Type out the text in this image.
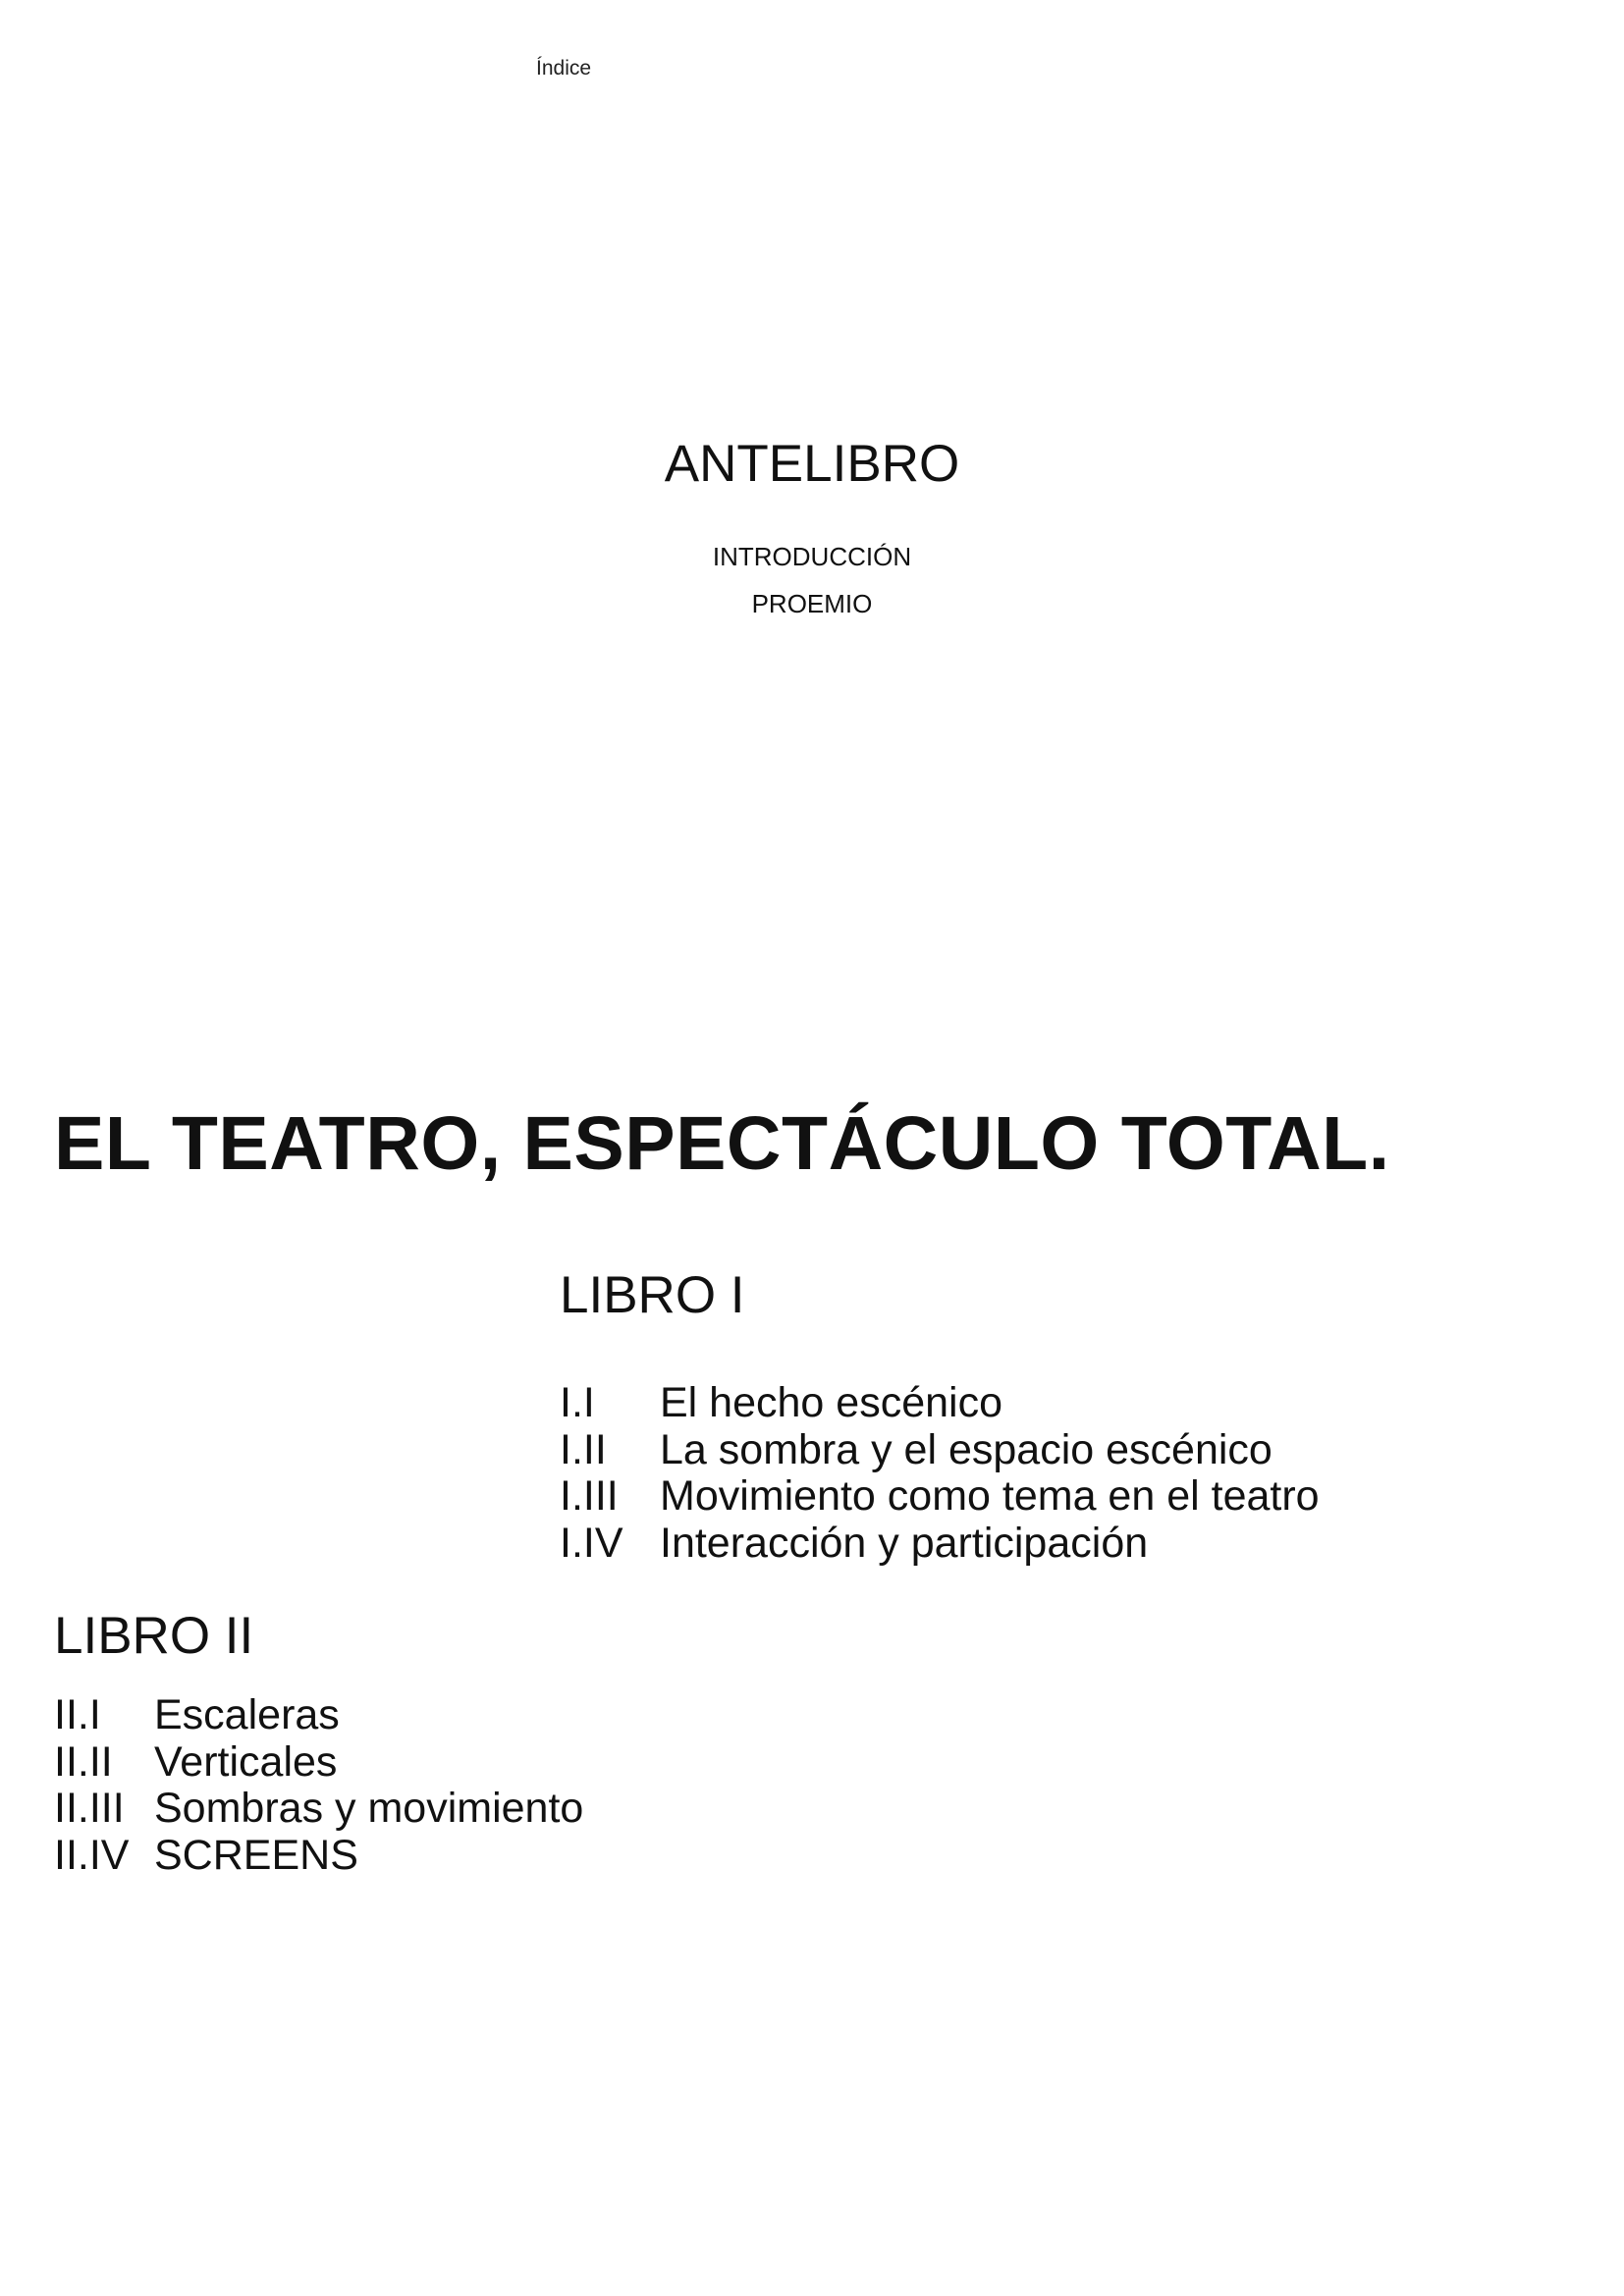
Índice
ANTELIBRO
INTRODUCCIÓN
PROEMIO
EL TEATRO, ESPECTÁCULO TOTAL.
LIBRO I
I.I	El hecho escénico
I.II	La sombra y el espacio escénico
I.III Movimiento como tema en el teatro
I.IV Interacción y participación
LIBRO II
II.I	Escaleras
II.II Verticales
II.III Sombras y movimiento
II.IV SCREENS
